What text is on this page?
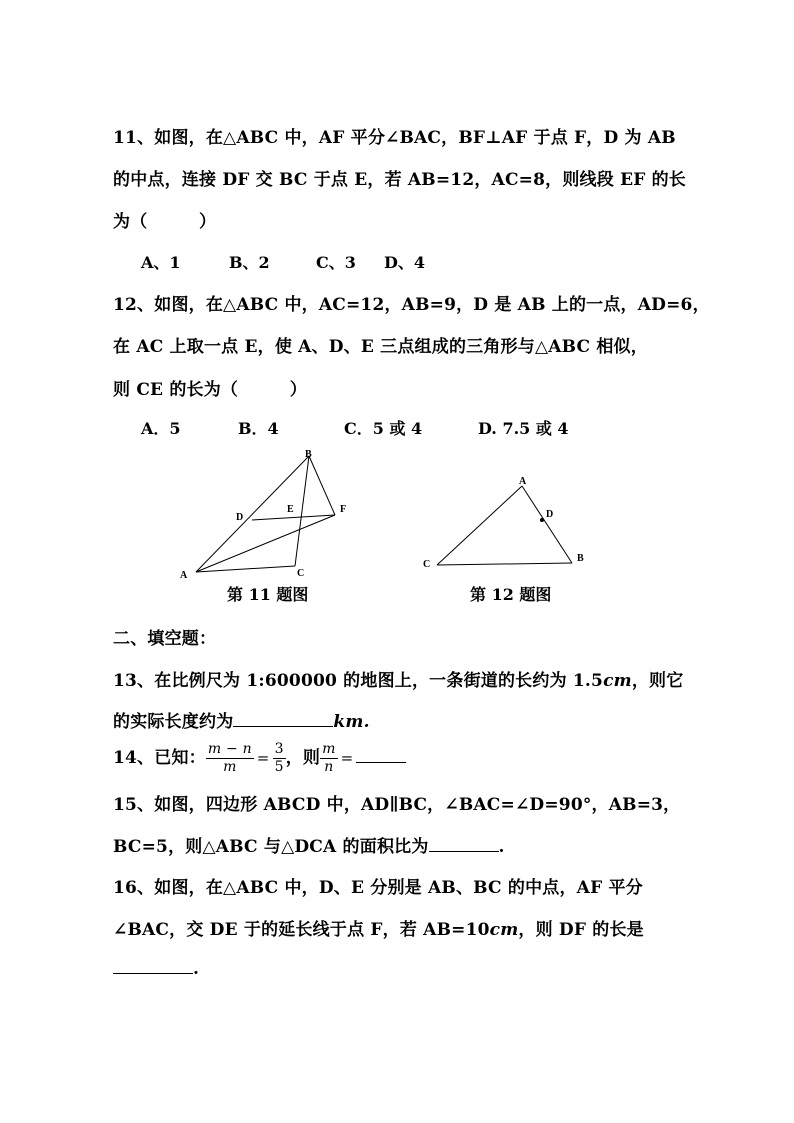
11、如图，在△ABC 中，AF 平分∠BAC，BF⊥AF 于点 F，D 为 AB
的中点，连接 DF 交 BC 于点 E，若 AB=12，AC=8，则线段 EF 的长
为（　　　）
A、1	B、2	C、3 D、4
12、如图，在△ABC 中，AC=12，AB=9，D 是 AB 上的一点，AD=6，
在 AC 上取一点 E，使 A、D、E 三点组成的三角形与△ABC 相似，
则 CE 的长为（　　　）
A．5	B．4	C．5 或 4	D. 7.5 或 4
B
D
E	F
A	C
第 11 题图
A
D
C
B
第 12 题图
二、填空题：
13、在比例尺为 1:600000 的地图上，一条街道的长约为 1.5cm，则它
的实际长度约为	km.
14、已知： $\frac{m - n}{m} = \frac{3}{5}$ ，则 $\frac{m}{n}$ =
15、如图，四边形 ABCD 中，AD∥BC，∠BAC=∠D=90°，AB=3，
BC=5，则△ABC 与△DCA 的面积比为	.
16、如图，在△ABC 中，D、E 分别是 AB、BC 的中点，AF 平分
∠BAC，交 DE 于的延长线于点 F，若 AB=10cm，则 DF 的长是
.
